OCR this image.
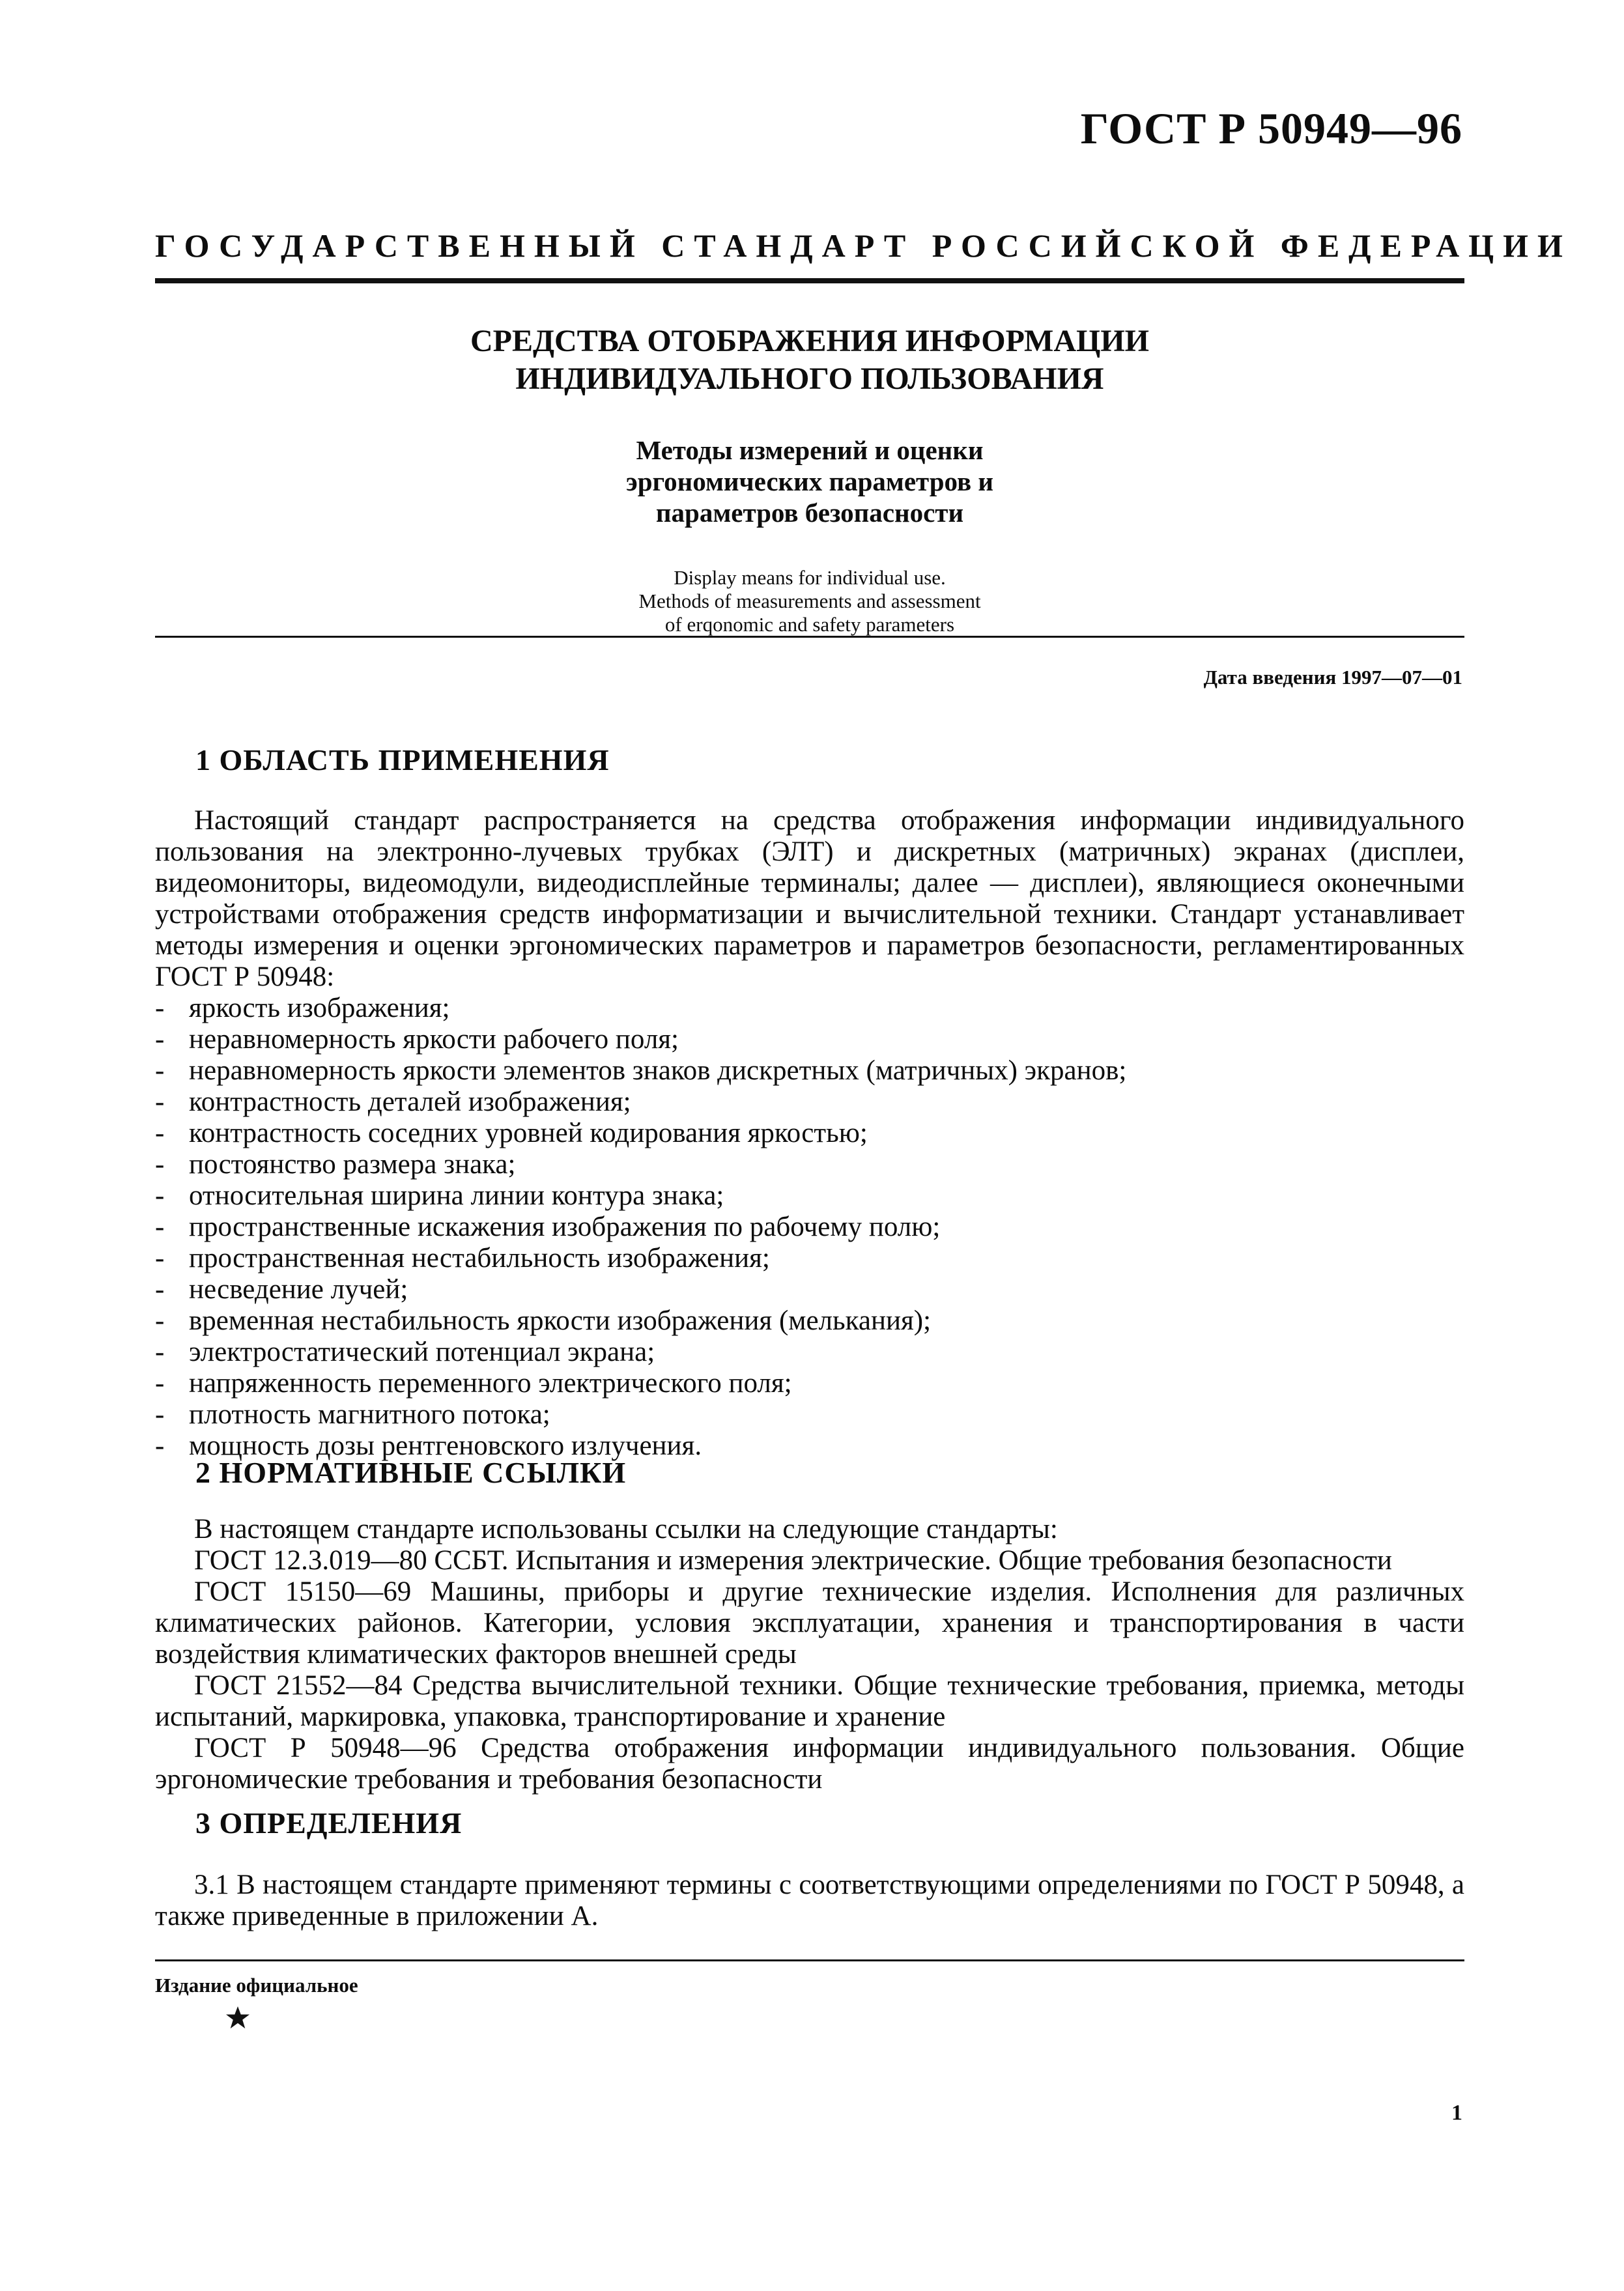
ГОСТ Р 50949—96
ГОСУДАРСТВЕННЫЙ СТАНДАРТ РОССИЙСКОЙ ФЕДЕРАЦИИ

СРЕДСТВА ОТОБРАЖЕНИЯ ИНФОРМАЦИИ

ИНДИВИДУАЛЬНОГО ПОЛЬЗОВАНИЯ

Методы измерений и оценки

эргономических параметров и

параметров безопасности

Display means for individual use.

Methods of measurements and assessment

of erqonomic and safety parameters

Дата введения 1997—07—01
1 ОБЛАСТЬ ПРИМЕНЕНИЯ

Настоящий стандарт распространяется на средства отображения информации индивидуального пользования на электронно-лучевых трубках (ЭЛТ) и дискретных (матричных) экранах (дисплеи, видеомониторы, видеомодули, видеодисплейные терминалы; далее — дисплеи), являющиеся оконечными устройствами отображения средств информатизации и вычислительной техники. Стандарт устанавливает методы измерения и оценки эргономических параметров и параметров безопасности, регламентированных ГОСТ Р 50948:

- яркость изображения;
- неравномерность яркости рабочего поля;
- неравномерность яркости элементов знаков дискретных (матричных) экранов;
- контрастность деталей изображения;
- контрастность соседних уровней кодирования яркостью;
- постоянство размера знака;
- относительная ширина линии контура знака;
- пространственные искажения изображения по рабочему полю;
- пространственная нестабильность изображения;
- несведение лучей;
- временная нестабильность яркости изображения (мелькания);
- электростатический потенциал экрана;
- напряженность переменного электрического поля;
- плотность магнитного потока;
- мощность дозы рентгеновского излучения.
2 НОРМАТИВНЫЕ ССЫЛКИ

В настоящем стандарте использованы ссылки на следующие стандарты:

ГОСТ 12.3.019—80 ССБТ. Испытания и измерения электрические. Общие требования безопасности

ГОСТ 15150—69 Машины, приборы и другие технические изделия. Исполнения для различных климатических районов. Категории, условия эксплуатации, хранения и транспортирования в части воздействия климатических факторов внешней среды

ГОСТ 21552—84 Средства вычислительной техники. Общие технические требования, приемка, методы испытаний, маркировка, упаковка, транспортирование и хранение

ГОСТ Р 50948—96 Средства отображения информации индивидуального пользования. Общие эргономические требования и требования безопасности

3 ОПРЕДЕЛЕНИЯ

3.1 В настоящем стандарте применяют термины с соответствующими определениями по ГОСТ Р 50948, а также приведенные в приложении А.

Издание официальное
1
